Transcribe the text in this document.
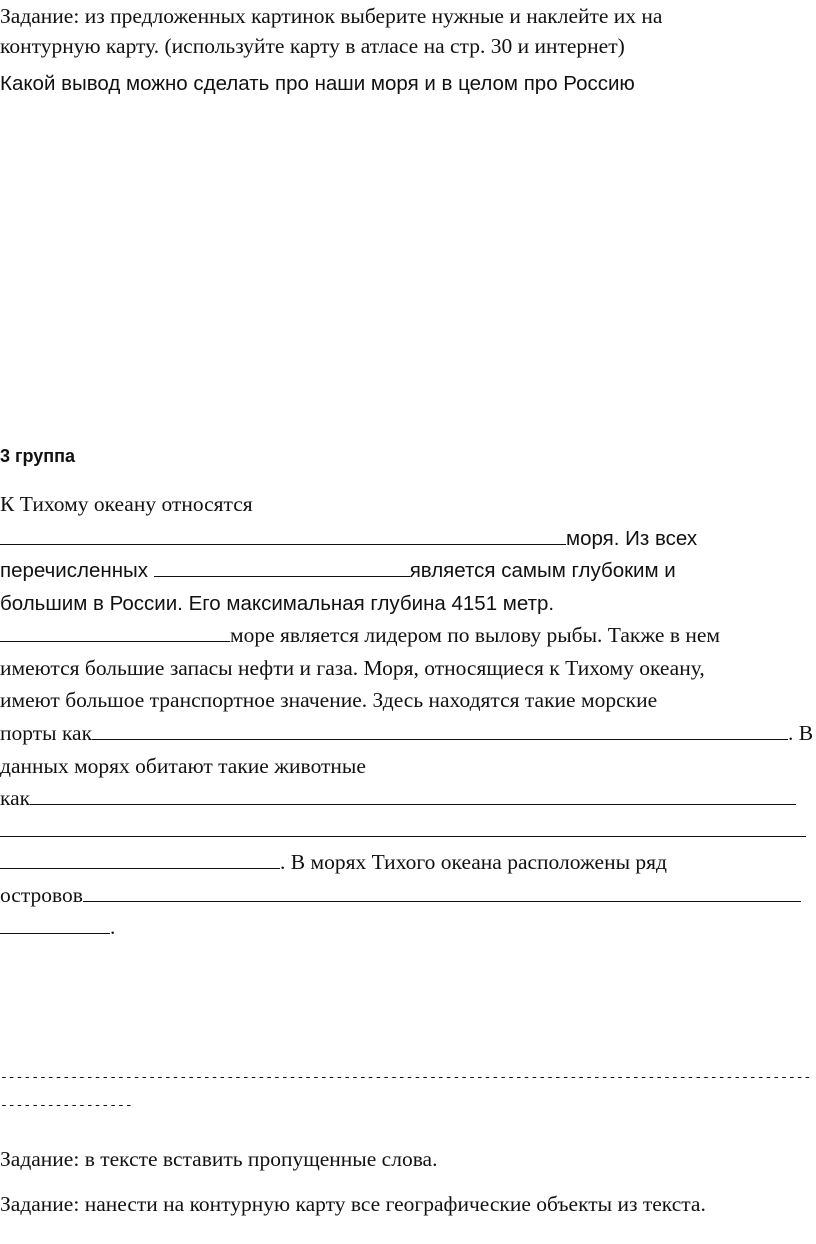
Задание: из предложенных картинок выберите нужные и наклейте их на

контурную карту. (используйте карту в атласе на стр. 30 и интернет)

Какой вывод можно сделать про наши моря и в целом про Россию

3 группа

К Тихому океану относятся

моря. Из всех
перечисленных	является самым глубоким и

большим в России. Его максимальная глубина 4151 метр.

море является лидером по вылову рыбы. Также в нем

имеются большие запасы нефти и газа. Моря, относящиеся к Тихому океану,

имеют большое транспортное значение. Здесь находятся такие морские

порты как	. В

данных морях обитают такие животные

как
. В морях Тихого океана расположены ряд
островов
.

--------------------------------------------------------------------------------------------------------

-----------------

Задание: в тексте вставить пропущенные слова.

Задание: нанести на контурную карту все географические объекты из текста.
